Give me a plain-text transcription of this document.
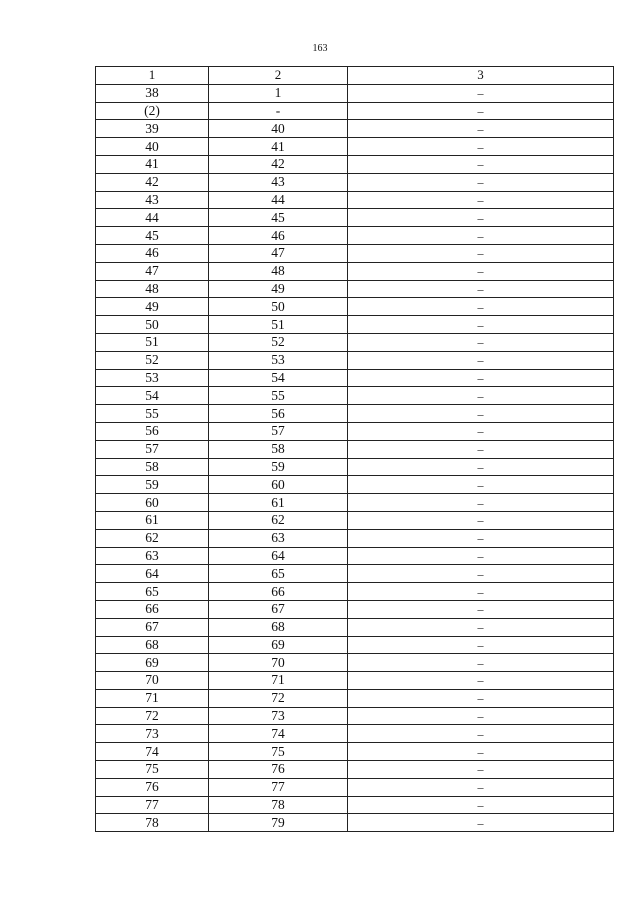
163
1	2	3
38	1	–
(2)	-	–
39	40	–
40	41	–
41	42	–
42	43	–
43	44	–
44	45	–
45	46	–
46	47	–
47	48	–
48	49	–
49	50	–
50	51	–
51	52	–
52	53	–
53	54	–
54	55	–
55	56	–
56	57	–
57	58	–
58	59	–
59	60	–
60	61	–
61	62	–
62	63	–
63	64	–
64	65	–
65	66	–
66	67	–
67	68	–
68	69	–
69	70	–
70	71	–
71	72	–
72	73	–
73	74	–
74	75	–
75	76	–
76	77	–
77	78	–
78	79	–
